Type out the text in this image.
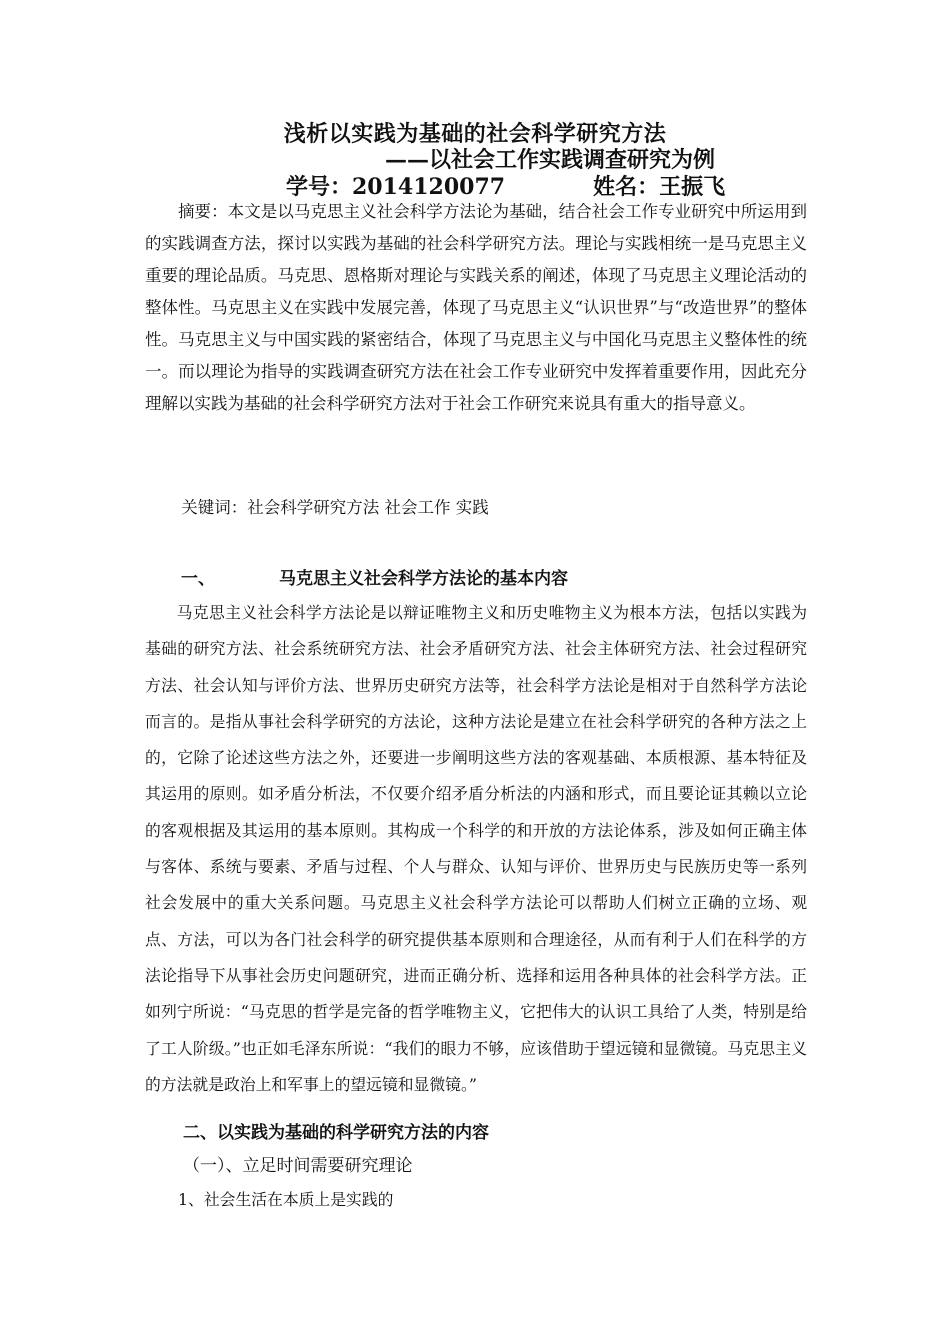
浅析以实践为基础的社会科学研究方法
——以社会工作实践调查研究为例
学号：2014120077	姓名：王振飞

摘要：本文是以马克思主义社会科学方法论为基础，结合社会工作专业研究中所运用到的实践调查方法，探讨以实践为基础的社会科学研究方法。理论与实践相统一是马克思主义重要的理论品质。马克思、恩格斯对理论与实践关系的阐述，体现了马克思主义理论活动的整体性。马克思主义在实践中发展完善，体现了马克思主义“认识世界”与“改造世界”的整体性。马克思主义与中国实践的紧密结合，体现了马克思主义与中国化马克思主义整体性的统一。而以理论为指导的实践调查研究方法在社会工作专业研究中发挥着重要作用，因此充分理解以实践为基础的社会科学研究方法对于社会工作研究来说具有重大的指导意义。

关键词：社会科学研究方法 社会工作 实践

一、	马克思主义社会科学方法论的基本内容

马克思主义社会科学方法论是以辩证唯物主义和历史唯物主义为根本方法，包括以实践为基础的研究方法、社会系统研究方法、社会矛盾研究方法、社会主体研究方法、社会过程研究方法、社会认知与评价方法、世界历史研究方法等，社会科学方法论是相对于自然科学方法论而言的。是指从事社会科学研究的方法论，这种方法论是建立在社会科学研究的各种方法之上的，它除了论述这些方法之外，还要进一步阐明这些方法的客观基础、本质根源、基本特征及其运用的原则。如矛盾分析法，不仅要介绍矛盾分析法的内涵和形式，而且要论证其赖以立论的客观根据及其运用的基本原则。其构成一个科学的和开放的方法论体系，涉及如何正确主体与客体、系统与要素、矛盾与过程、个人与群众、认知与评价、世界历史与民族历史等一系列社会发展中的重大关系问题。马克思主义社会科学方法论可以帮助人们树立正确的立场、观点、方法，可以为各门社会科学的研究提供基本原则和合理途径，从而有利于人们在科学的方法论指导下从事社会历史问题研究，进而正确分析、选择和运用各种具体的社会科学方法。正如列宁所说：“马克思的哲学是完备的哲学唯物主义，它把伟大的认识工具给了人类，特别是给了工人阶级。”也正如毛泽东所说：“我们的眼力不够，应该借助于望远镜和显微镜。马克思主义的方法就是政治上和军事上的望远镜和显微镜。”

二、以实践为基础的科学研究方法的内容
（一）、立足时间需要研究理论
1、社会生活在本质上是实践的
